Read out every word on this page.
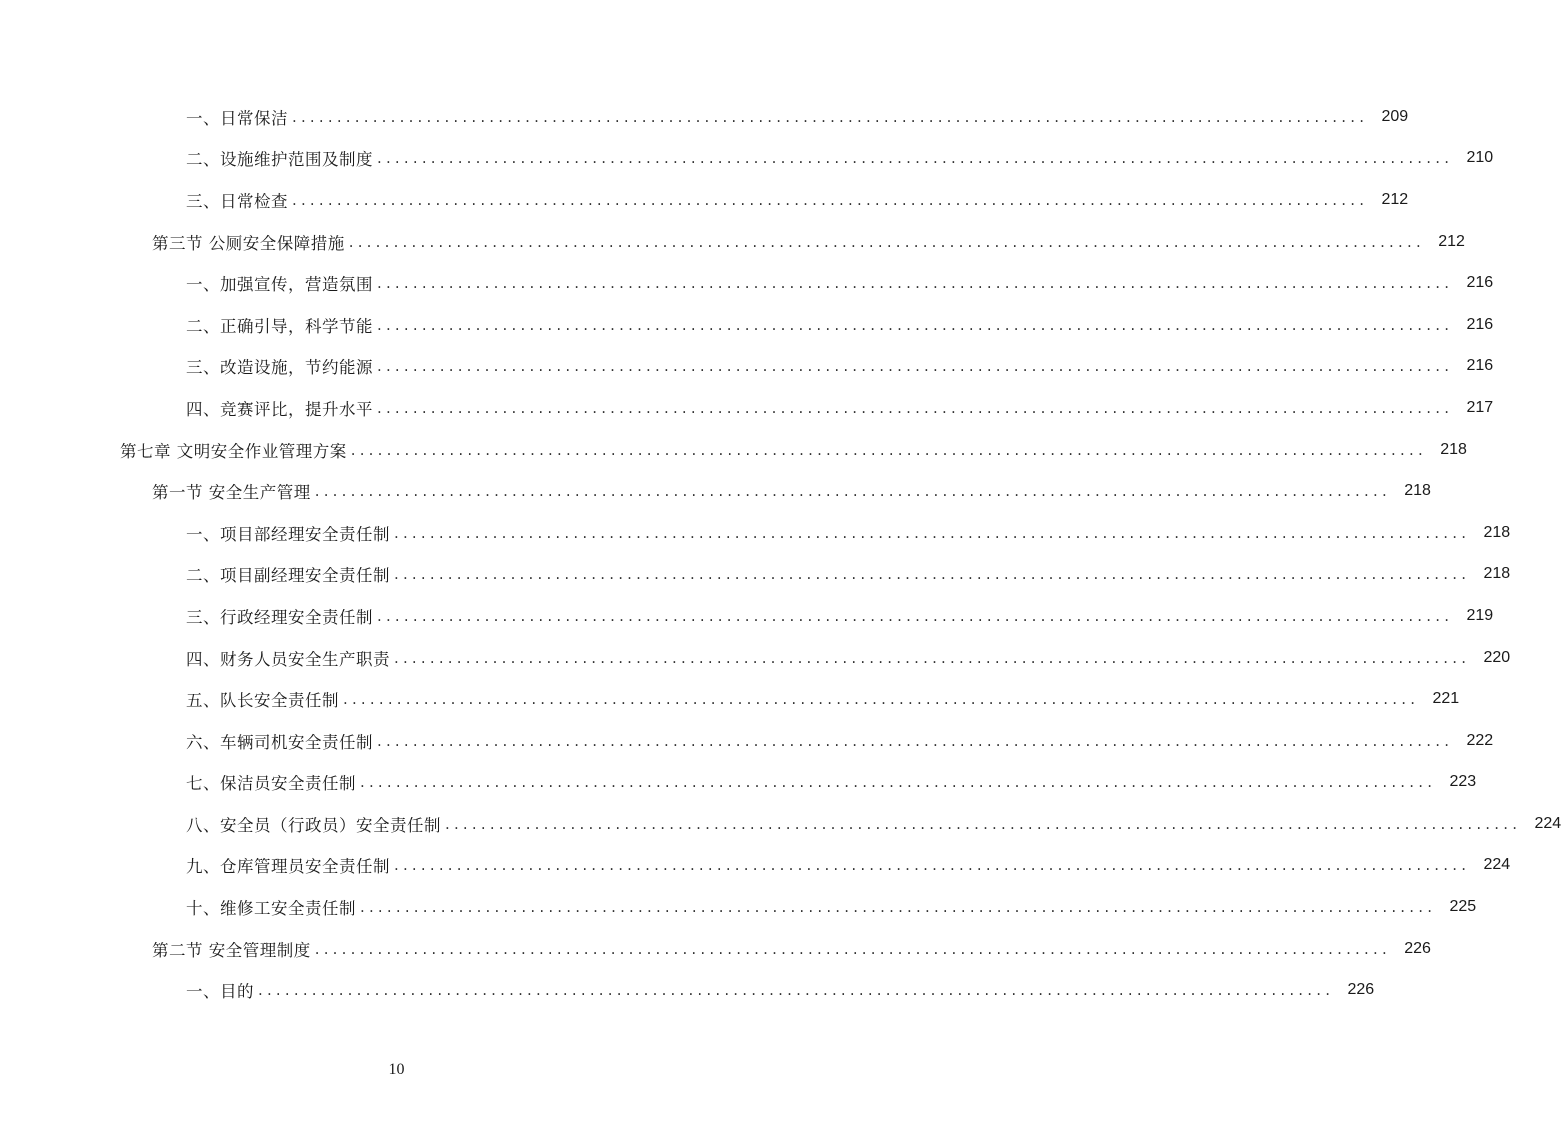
一、日常保洁 ........................................................................................................................ 209
二、设施维护范围及制度 ........................................................................................................................ 210
三、日常检查 ........................................................................................................................ 212
第三节 公厕安全保障措施 ........................................................................................................................ 212
一、加强宣传，营造氛围 ........................................................................................................................ 216
二、正确引导，科学节能 ........................................................................................................................ 216
三、改造设施，节约能源 ........................................................................................................................ 216
四、竞赛评比，提升水平 ........................................................................................................................ 217
第七章 文明安全作业管理方案 ........................................................................................................................ 218
第一节 安全生产管理 ........................................................................................................................ 218
一、项目部经理安全责任制 ........................................................................................................................ 218
二、项目副经理安全责任制 ........................................................................................................................ 218
三、行政经理安全责任制 ........................................................................................................................ 219
四、财务人员安全生产职责 ........................................................................................................................ 220
五、队长安全责任制 ........................................................................................................................ 221
六、车辆司机安全责任制 ........................................................................................................................ 222
七、保洁员安全责任制 ........................................................................................................................ 223
八、安全员（行政员）安全责任制 ........................................................................................................................ 224
九、仓库管理员安全责任制 ........................................................................................................................ 224
十、维修工安全责任制 ........................................................................................................................ 225
第二节 安全管理制度 ........................................................................................................................ 226
一、目的 ........................................................................................................................ 226
10
